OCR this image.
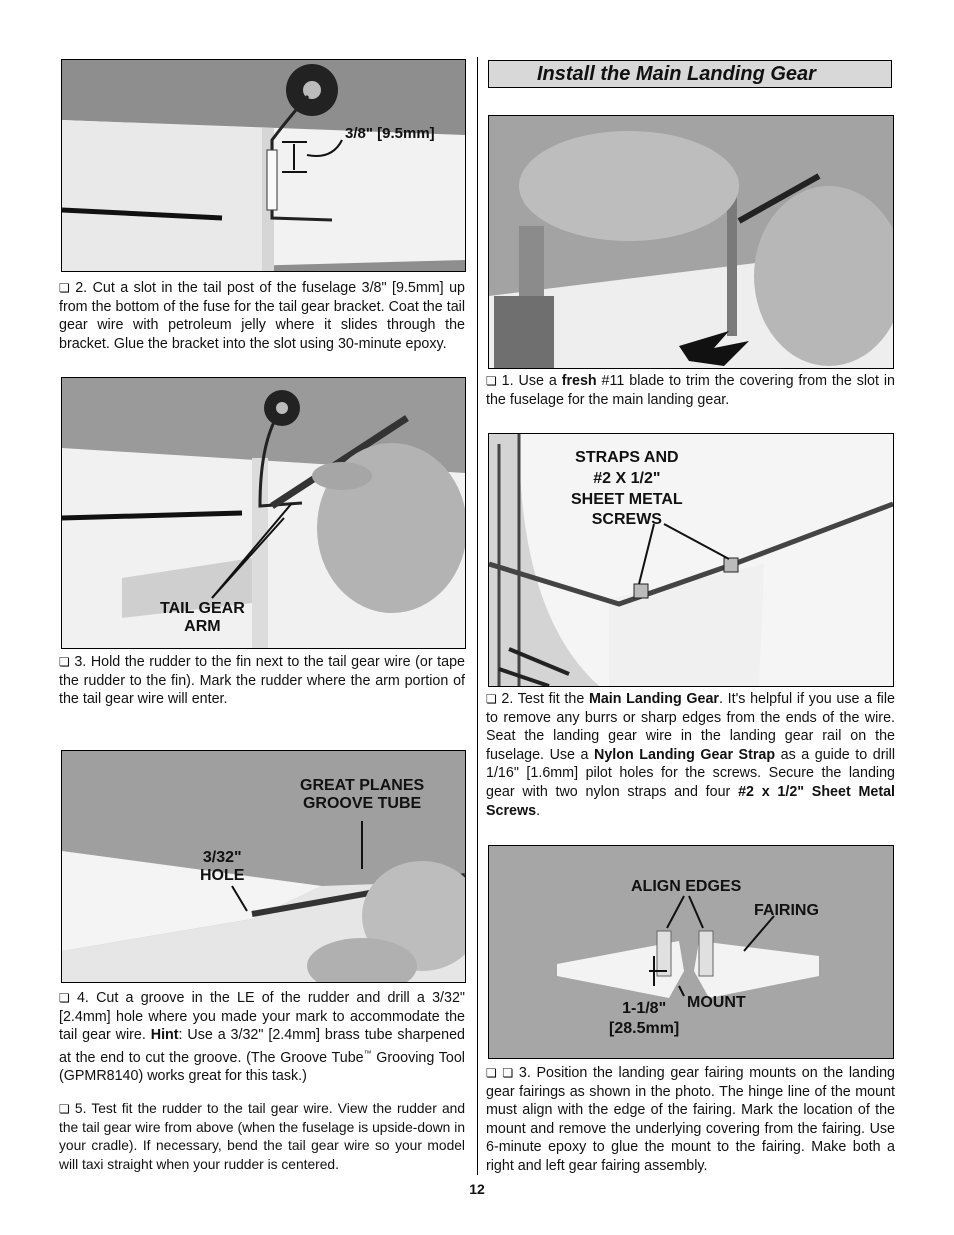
3/8" [9.5mm]

❏ 2. Cut a slot in the tail post of the fuselage 3/8" [9.5mm] up from the bottom of the fuse for the tail gear bracket. Coat the tail gear wire with petroleum jelly where it slides through the bracket. Glue the bracket into the slot using 30-minute epoxy.

TAIL GEAR
ARM

❏ 3. Hold the rudder to the fin next to the tail gear wire (or tape the rudder to the fin). Mark the rudder where the arm portion of the tail gear wire will enter.

GREAT PLANES
GROOVE TUBE
3/32"
HOLE

❏ 4. Cut a groove in the LE of the rudder and drill a 3/32" [2.4mm] hole where you made your mark to accommodate the tail gear wire. Hint: Use a 3/32" [2.4mm] brass tube sharpened at the end to cut the groove. (The Groove Tube™ Grooving Tool (GPMR8140) works great for this task.)

❏ 5. Test fit the rudder to the tail gear wire. View the rudder and the tail gear wire from above (when the fuselage is upside-down in your cradle). If necessary, bend the tail gear wire so your model will taxi straight when your rudder is centered.

Install the Main Landing Gear

❏ 1. Use a fresh #11 blade to trim the covering from the slot in the fuselage for the main landing gear.

STRAPS AND
#2 X 1/2"
SHEET METAL
SCREWS

❏ 2. Test fit the Main Landing Gear. It's helpful if you use a file to remove any burrs or sharp edges from the ends of the wire. Seat the landing gear wire in the landing gear rail on the fuselage. Use a Nylon Landing Gear Strap as a guide to drill 1/16" [1.6mm] pilot holes for the screws. Secure the landing gear with two nylon straps and four #2 x 1/2" Sheet Metal Screws.

ALIGN EDGES
FAIRING
1-1/8"
[28.5mm]
MOUNT

❏ ❏ 3. Position the landing gear fairing mounts on the landing gear fairings as shown in the photo. The hinge line of the mount must align with the edge of the fairing. Mark the location of the mount and remove the underlying covering from the fairing. Use 6-minute epoxy to glue the mount to the fairing. Make both a right and left gear fairing assembly.

12
